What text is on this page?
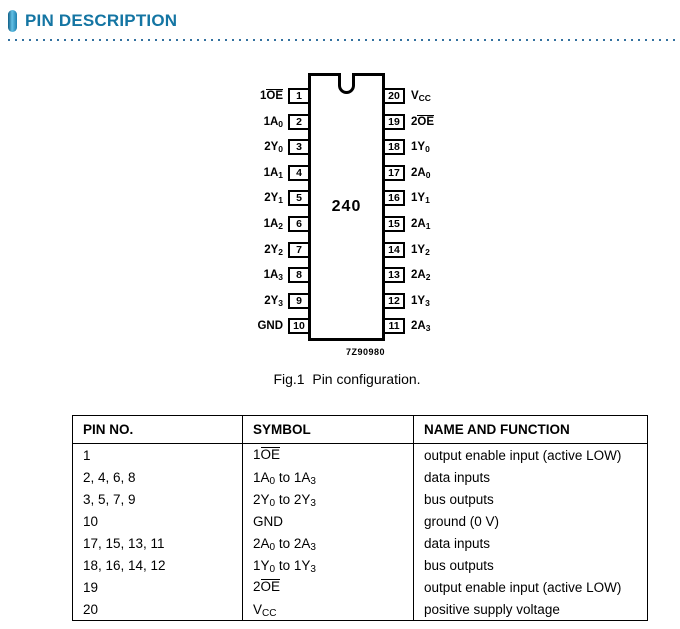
PIN DESCRIPTION
240
7Z90980
1OE	1
$1A_0$	2
$2Y_0$	3
$1A_1$	4
$2Y_1$	5
$1A_2$	6
$2Y_2$	7
$1A_3$	8
$2Y_3$	9
GND 10
20 $V_{CC}$
19 2OE
18 $1Y_0$
17 $2A_0$
16 $1Y_1$
15 $2A_1$
14 $1Y_2$
13 $2A_2$
12 $1Y_3$
11 $2A_3$
Fig.1  Pin configuration.
PIN NO.	SYMBOL	NAME AND FUNCTION
1	1OE	output enable input (active LOW)
2, 4, 6, 8	$1A_0$ to $1A_3$	data inputs
3, 5, 7, 9	$2Y_0$ to $2Y_3$	bus outputs
10	GND	ground (0 V)
17, 15, 13, 11	$2A_0$ to $2A_3$	data inputs
18, 16, 14, 12	$1Y_0$ to $1Y_3$	bus outputs
19	2OE	output enable input (active LOW)
20	$V_{CC}$	positive supply voltage
